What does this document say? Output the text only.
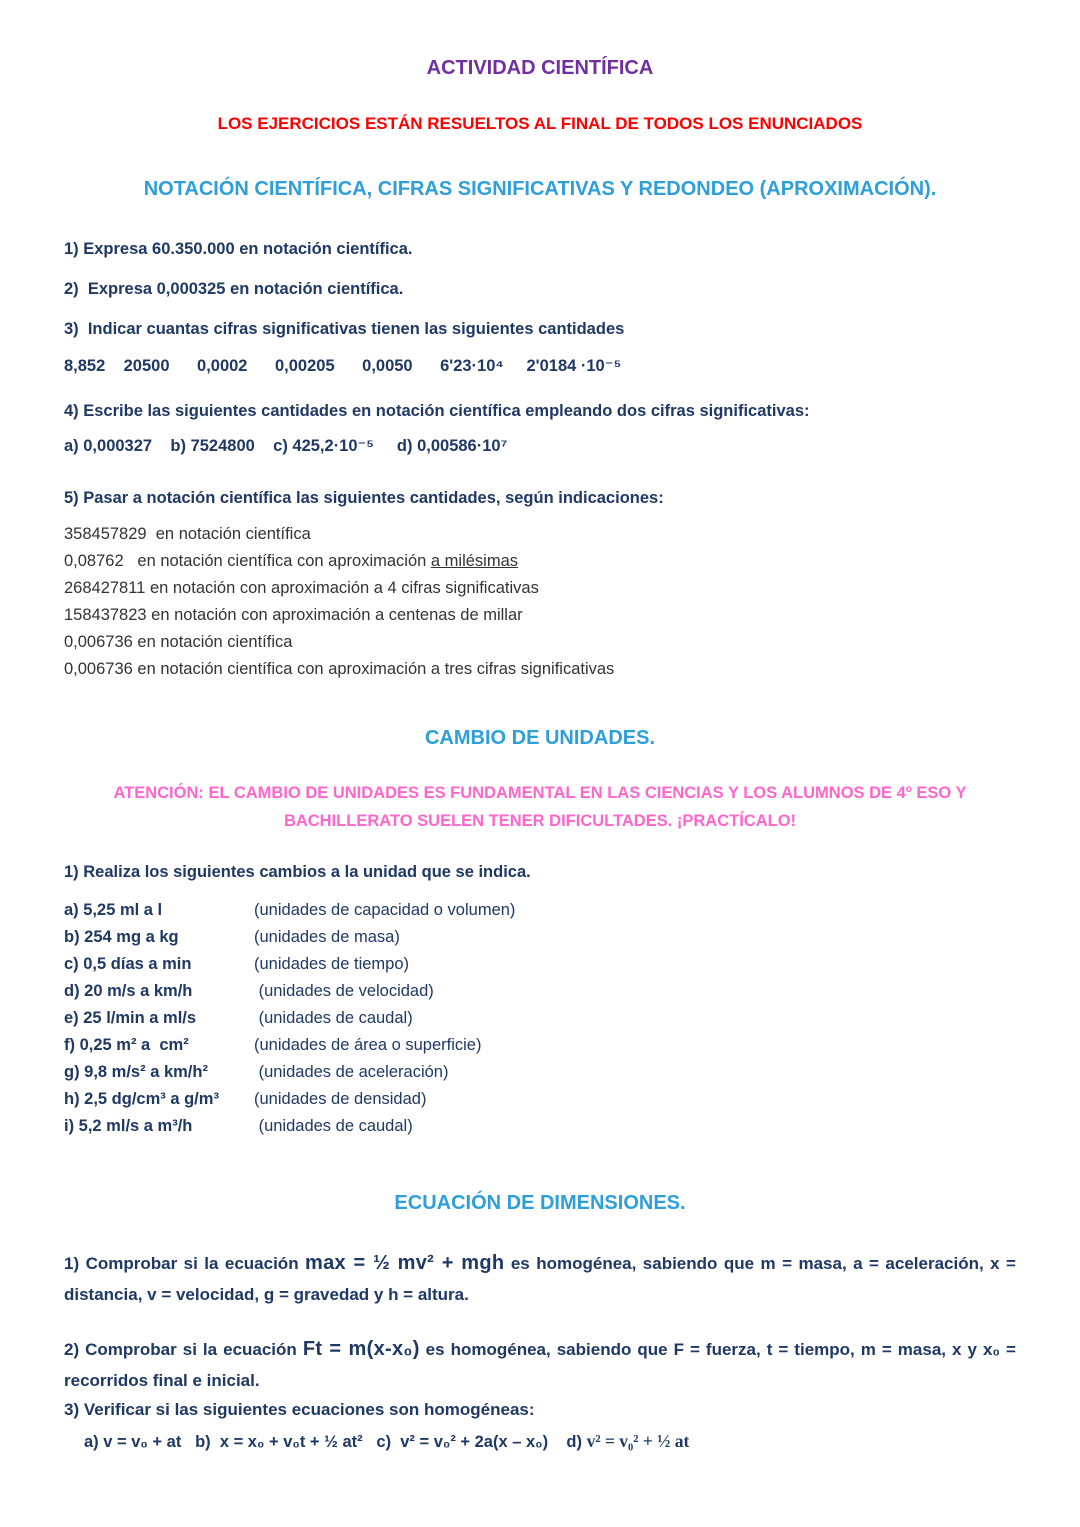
ACTIVIDAD CIENTÍFICA
LOS EJERCICIOS ESTÁN RESUELTOS AL FINAL DE TODOS LOS ENUNCIADOS
NOTACIÓN CIENTÍFICA, CIFRAS SIGNIFICATIVAS Y REDONDEO (APROXIMACIÓN).
1) Expresa 60.350.000 en notación científica.
2)  Expresa 0,000325 en notación científica.
3)  Indicar cuantas cifras significativas tienen las siguientes cantidades
8,852    20500      0,0002      0,00205      0,0050      6'23·10⁴     2'0184 ·10⁻⁵
4) Escribe las siguientes cantidades en notación científica empleando dos cifras significativas:
a) 0,000327    b) 7524800    c) 425,2·10⁻⁵     d) 0,00586·10⁷
5) Pasar a notación científica las siguientes cantidades, según indicaciones:
358457829  en notación científica
0,08762   en notación científica con aproximación a milésimas
268427811 en notación con aproximación a 4 cifras significativas
158437823 en notación con aproximación a centenas de millar
0,006736 en notación científica
0,006736 en notación científica con aproximación a tres cifras significativas
CAMBIO DE UNIDADES.
ATENCIÓN: EL CAMBIO DE UNIDADES ES FUNDAMENTAL EN LAS CIENCIAS Y LOS ALUMNOS DE 4º ESO Y BACHILLERATO SUELEN TENER DIFICULTADES. ¡PRACTÍCALO!
1) Realiza los siguientes cambios a la unidad que se indica.
a) 5,25 ml a l	(unidades de capacidad o volumen)
b) 254 mg a kg	(unidades de masa)
c) 0,5 días a min	(unidades de tiempo)
d) 20 m/s a km/h	(unidades de velocidad)
e) 25 l/min a ml/s	(unidades de caudal)
f) 0,25 m² a  cm²	(unidades de área o superficie)
g) 9,8 m/s² a km/h²	(unidades de aceleración)
h) 2,5 dg/cm³ a g/m³	(unidades de densidad)
i) 5,2 ml/s a m³/h	(unidades de caudal)
ECUACIÓN DE DIMENSIONES.
1) Comprobar si la ecuación max = ½ mv² + mgh es homogénea, sabiendo que m = masa, a = aceleración, x = distancia, v = velocidad, g = gravedad y h = altura.
2) Comprobar si la ecuación Ft = m(x-x₀) es homogénea, sabiendo que F = fuerza, t = tiempo, m = masa, x y x₀ = recorridos final e inicial.
3) Verificar si las siguientes ecuaciones son homogéneas:
a) v = v₀ + at   b)  x = x₀ + v₀t + ½ at²   c)  v² = v₀² + 2a(x – x₀)    d) v² = v₀² + ½ at
